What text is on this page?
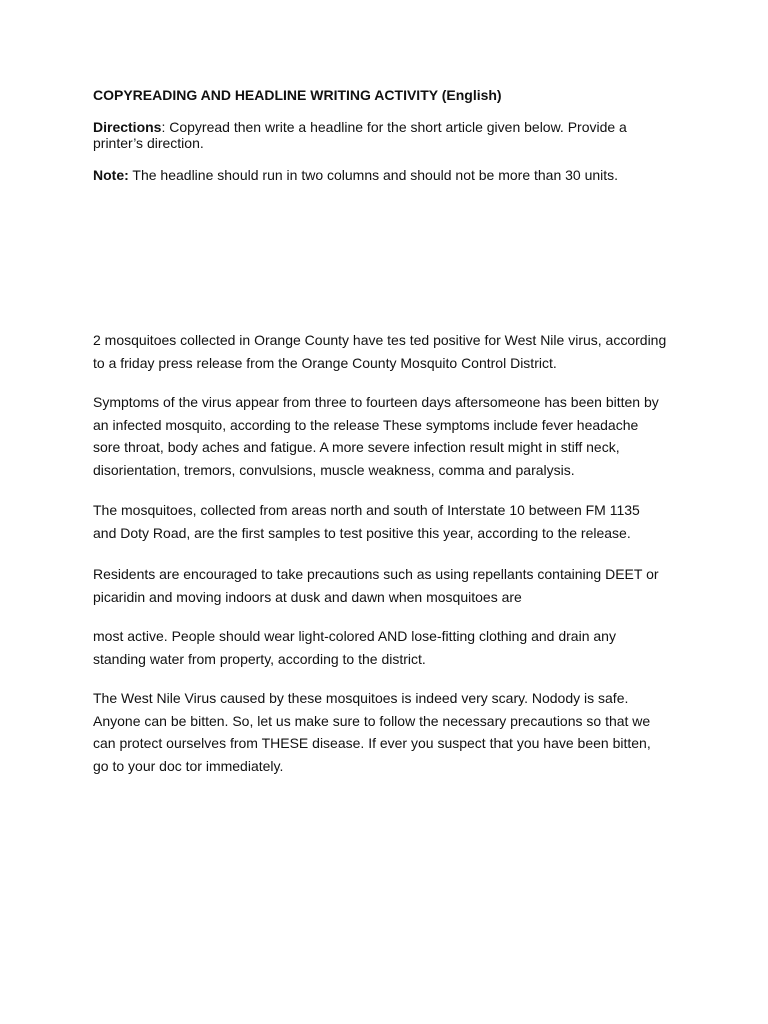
COPYREADING AND HEADLINE WRITING ACTIVITY (English)

Directions: Copyread then write a headline for the short article given below. Provide a printer’s direction.

Note: The headline should run in two columns and should not be more than 30 units.

2 mosquitoes collected in Orange County have tes ted positive for West Nile virus, according
to a friday press release from the Orange County Mosquito Control District.

Symptoms of the virus appear from three to fourteen days aftersomeone has been bitten by
an infected mosquito, according to the release These symptoms include fever headache
sore throat, body aches and fatigue. A more severe infection result might in stiff neck,
disorientation, tremors, convulsions, muscle weakness, comma and paralysis.

The mosquitoes, collected from areas north and south of Interstate 10 between FM 1135
and Doty Road, are the first samples to test positive this year, according to the release.

Residents are encouraged to take precautions such as using repellants containing DEET or
picaridin and moving indoors at dusk and dawn when mosquitoes are

most active. People should wear light-colored AND lose-fitting clothing and drain any
standing water from property, according to the district.

The West Nile Virus caused by these mosquitoes is indeed very scary. Nodody is safe.
Anyone can be bitten. So, let us make sure to follow the necessary precautions so that we
can protect ourselves from THESE disease. If ever you suspect that you have been bitten,
go to your doc tor immediately.
